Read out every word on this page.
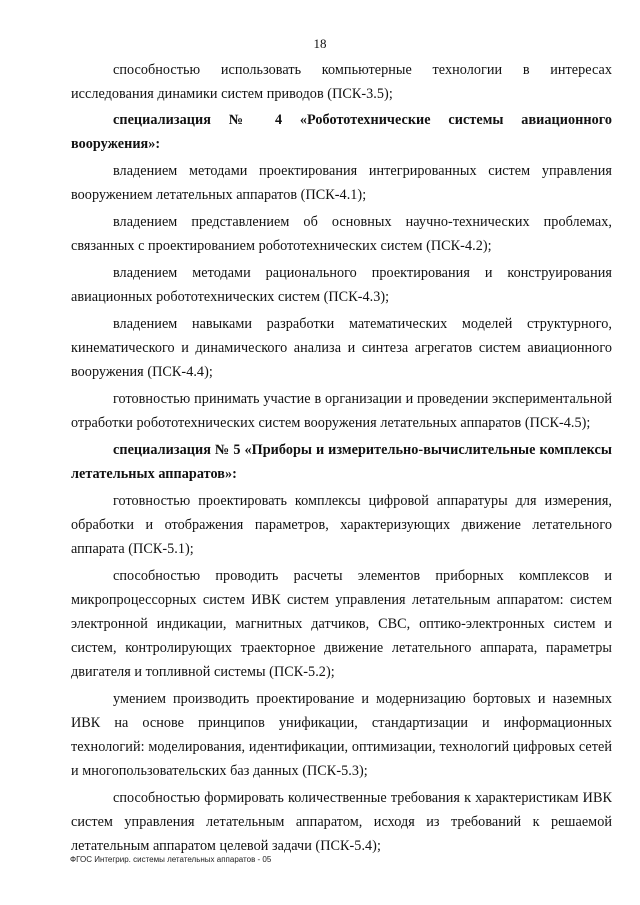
18

способностью использовать компьютерные технологии в интересах исследования динамики систем приводов (ПСК-3.5);

специализация № 4 «Робототехнические системы авиационного вооружения»:

владением методами проектирования интегрированных систем управления вооружением летательных аппаратов (ПСК-4.1);

владением представлением об основных научно-технических проблемах, связанных с проектированием робототехнических систем (ПСК-4.2);

владением методами рационального проектирования и конструирования авиационных робототехнических систем (ПСК-4.3);

владением навыками разработки математических моделей структурного, кинематического и динамического анализа и синтеза агрегатов систем авиационного вооружения (ПСК-4.4);

готовностью принимать участие в организации и проведении экспериментальной отработки робототехнических систем вооружения летательных аппаратов (ПСК-4.5);

специализация № 5 «Приборы и измерительно-вычислительные комплексы летательных аппаратов»:

готовностью проектировать комплексы цифровой аппаратуры для измерения, обработки и отображения параметров, характеризующих движение летательного аппарата (ПСК-5.1);

способностью проводить расчеты элементов приборных комплексов и микропроцессорных систем ИВК систем управления летательным аппаратом: систем электронной индикации, магнитных датчиков, СВС, оптико-электронных систем и систем, контролирующих траекторное движение летательного аппарата, параметры двигателя и топливной системы (ПСК-5.2);

умением производить проектирование и модернизацию бортовых и наземных ИВК на основе принципов унификации, стандартизации и информационных технологий: моделирования, идентификации, оптимизации, технологий цифровых сетей и многопользовательских баз данных (ПСК-5.3);

способностью формировать количественные требования к характеристикам ИВК систем управления летательным аппаратом, исходя из требований к решаемой летательным аппаратом целевой задачи (ПСК-5.4);

ФГОС Интегрир. системы летательных аппаратов - 05
